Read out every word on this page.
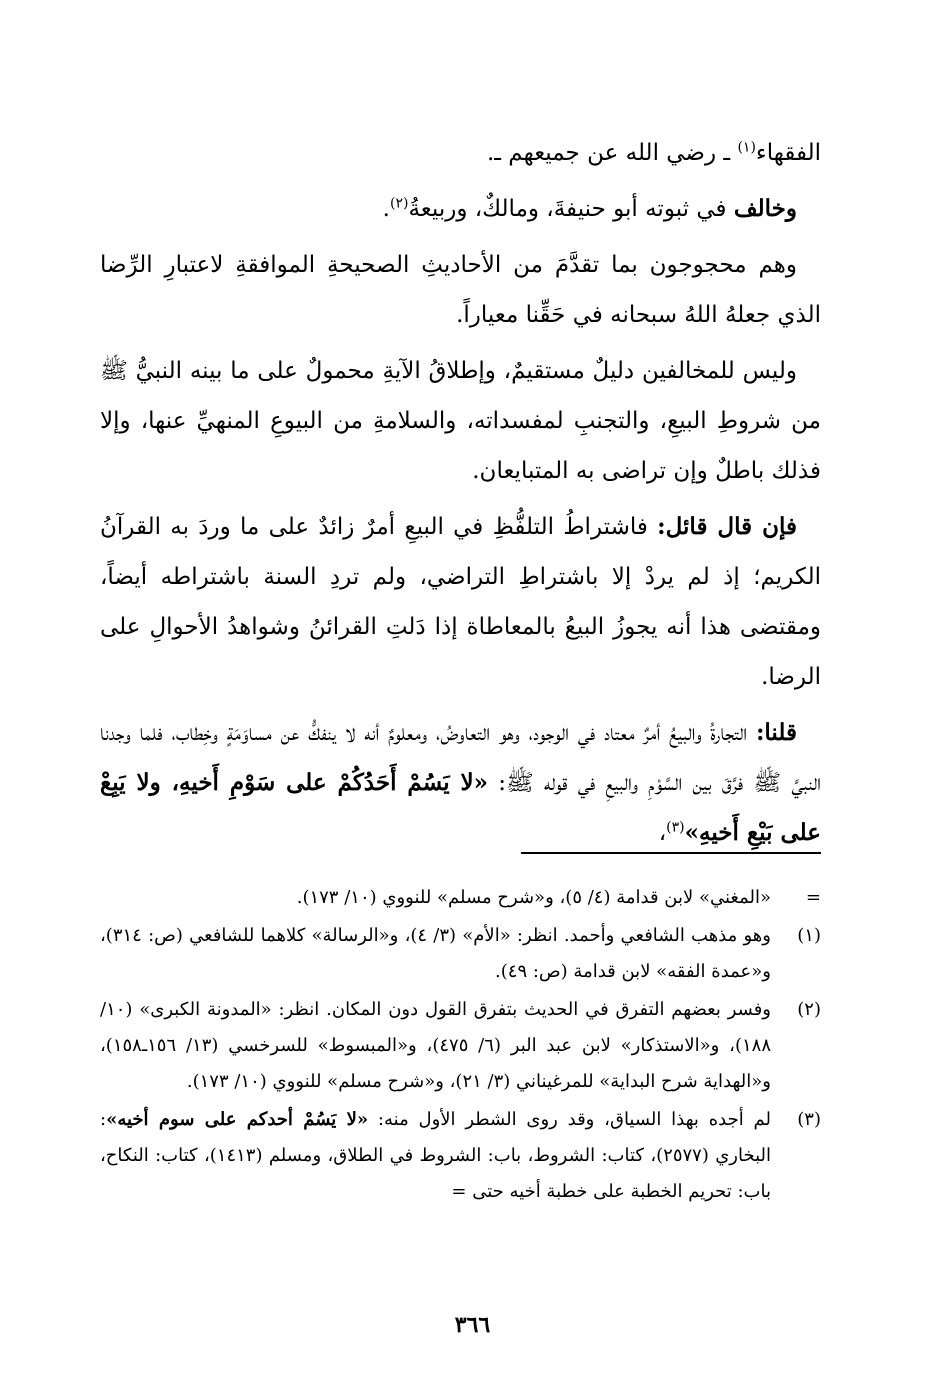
الفقهاء$^{(١)}$ ـ رضي الله عن جميعهم ـ.

وخالف في ثبوته أبو حنيفةَ، ومالكٌ، وربيعةُ$^{(٢)}$.

وهم محجوجون بما تقدَّمَ من الأحاديثِ الصحيحةِ الموافقةِ لاعتبارِ الرِّضا الذي جعلهُ اللهُ سبحانه في حَقِّنا معياراً.

وليس للمخالفين دليلٌ مستقيمٌ، وإطلاقُ الآيةِ محمولٌ على ما بينه النبيُّ ﷺ من شروطِ البيعِ، والتجنبِ لمفسداته، والسلامةِ من البيوعِ المنهيِّ عنها، وإلا فذلك باطلٌ وإن تراضى به المتبايعان.

فإن قال قائل: فاشتراطُ التلفُّظِ في البيعِ أمرٌ زائدٌ على ما وردَ به القرآنُ الكريم؛ إذ لم يردْ إلا باشتراطِ التراضي، ولم تردِ السنة باشتراطه أيضاً، ومقتضى هذا أنه يجوزُ البيعُ بالمعاطاة إذا دَلتِ القرائنُ وشواهدُ الأحوالِ على الرضا.

قلنا: التجارةُ والبيعُ أمرٌ معتاد في الوجود، وهو التعاوضُ، ومعلومٌ أنه لا ينفكُّ عن مساوَمَةٍ وخِطاب، فلما وجدنا النبيَّ ﷺ فرَّقَ بين السَّوْمِ والبيعِ في قوله ﷺ: «لا يَسُمْ أَحَدُكُمْ على سَوْمِ أَخيهِ، ولا يَبِعْ على بَيْعِ أَخيهِ»$^{(٣)}$،

=
«المغني» لابن قدامة (٤/ ٥)، و«شرح مسلم» للنووي (١٠/ ١٧٣).
(١)
وهو مذهب الشافعي وأحمد. انظر: «الأم» (٣/ ٤)، و«الرسالة» كلاهما للشافعي (ص: ٣١٤)، و«عمدة الفقه» لابن قدامة (ص: ٤٩).
(٢)
وفسر بعضهم التفرق في الحديث بتفرق القول دون المكان. انظر: «المدونة الكبرى» (١٠/ ١٨٨)، و«الاستذكار» لابن عبد البر (٦/ ٤٧٥)، و«المبسوط» للسرخسي (١٣/ ١٥٦ـ١٥٨)، و«الهداية شرح البداية» للمرغيناني (٣/ ٢١)، و«شرح مسلم» للنووي (١٠/ ١٧٣).
(٣)
لم أجده بهذا السياق، وقد روى الشطر الأول منه: «لا يَسُمْ أحدكم على سوم أخيه»: البخاري (٢٥٧٧)، كتاب: الشروط، باب: الشروط في الطلاق، ومسلم (١٤١٣)، كتاب: النكاح، باب: تحريم الخطبة على خطبة أخيه حتى =
٣٦٦
